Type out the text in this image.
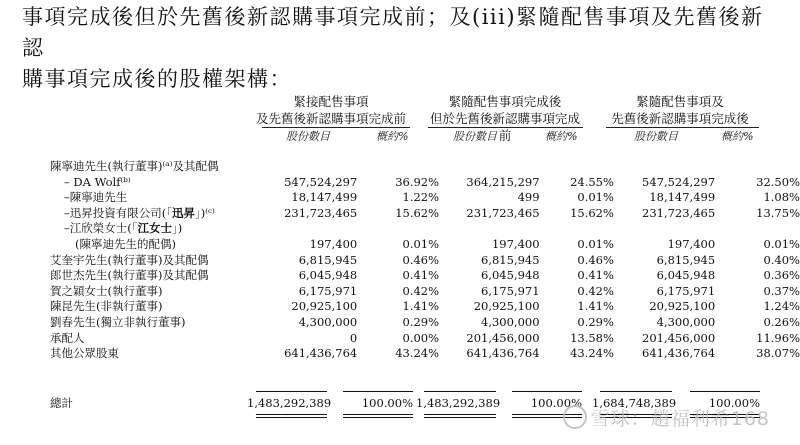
事項完成後但於先舊後新認購事項完成前；及(iii)緊隨配售事項及先舊後新認
購事項完成後的股權架構：
緊接配售事項
及先舊後新認購事項完成前
緊隨配售事項完成後
但於先舊後新認購事項完成前
緊隨配售事項及
先舊後新認購事項完成後
股份數目	概約%	股份數目	概約%	股份數目	概約%
陳寧迪先生(執行董事)⁽ᵃ⁾及其配偶						
– DA Wolf⁽ᵇ⁾	547,524,297	36.92%	364,215,297	24.55%	547,524,297	32.50%
–陳寧迪先生	18,147,499	1.22%	499	0.01%	18,147,499	1.08%
–迅昇投資有限公司(「迅昇」)⁽ᶜ⁾	231,723,465	15.62%	231,723,465	15.62%	231,723,465	13.75%
–江欣榮女士(「江女士」)						
(陳寧迪先生的配偶)	197,400	0.01%	197,400	0.01%	197,400	0.01%
艾奎宇先生(執行董事)及其配偶	6,815,945	0.46%	6,815,945	0.46%	6,815,945	0.40%
郎世杰先生(執行董事)及其配偶	6,045,948	0.41%	6,045,948	0.41%	6,045,948	0.36%
賀之穎女士(執行董事)	6,175,971	0.42%	6,175,971	0.42%	6,175,971	0.37%
陳昆先生(非執行董事)	20,925,100	1.41%	20,925,100	1.41%	20,925,100	1.24%
劉春先生(獨立非執行董事)	4,300,000	0.29%	4,300,000	0.29%	4,300,000	0.26%
承配人	0	0.00%	201,456,000	13.58%	201,456,000	11.96%
其他公眾股東	641,436,764	43.24%	641,436,764	43.24%	641,436,764	38.07%
總計	1,483,292,389	100.00% 1,483,292,389	100.00% 1,684,748,389	100.00%
雪球：趙福利希168
